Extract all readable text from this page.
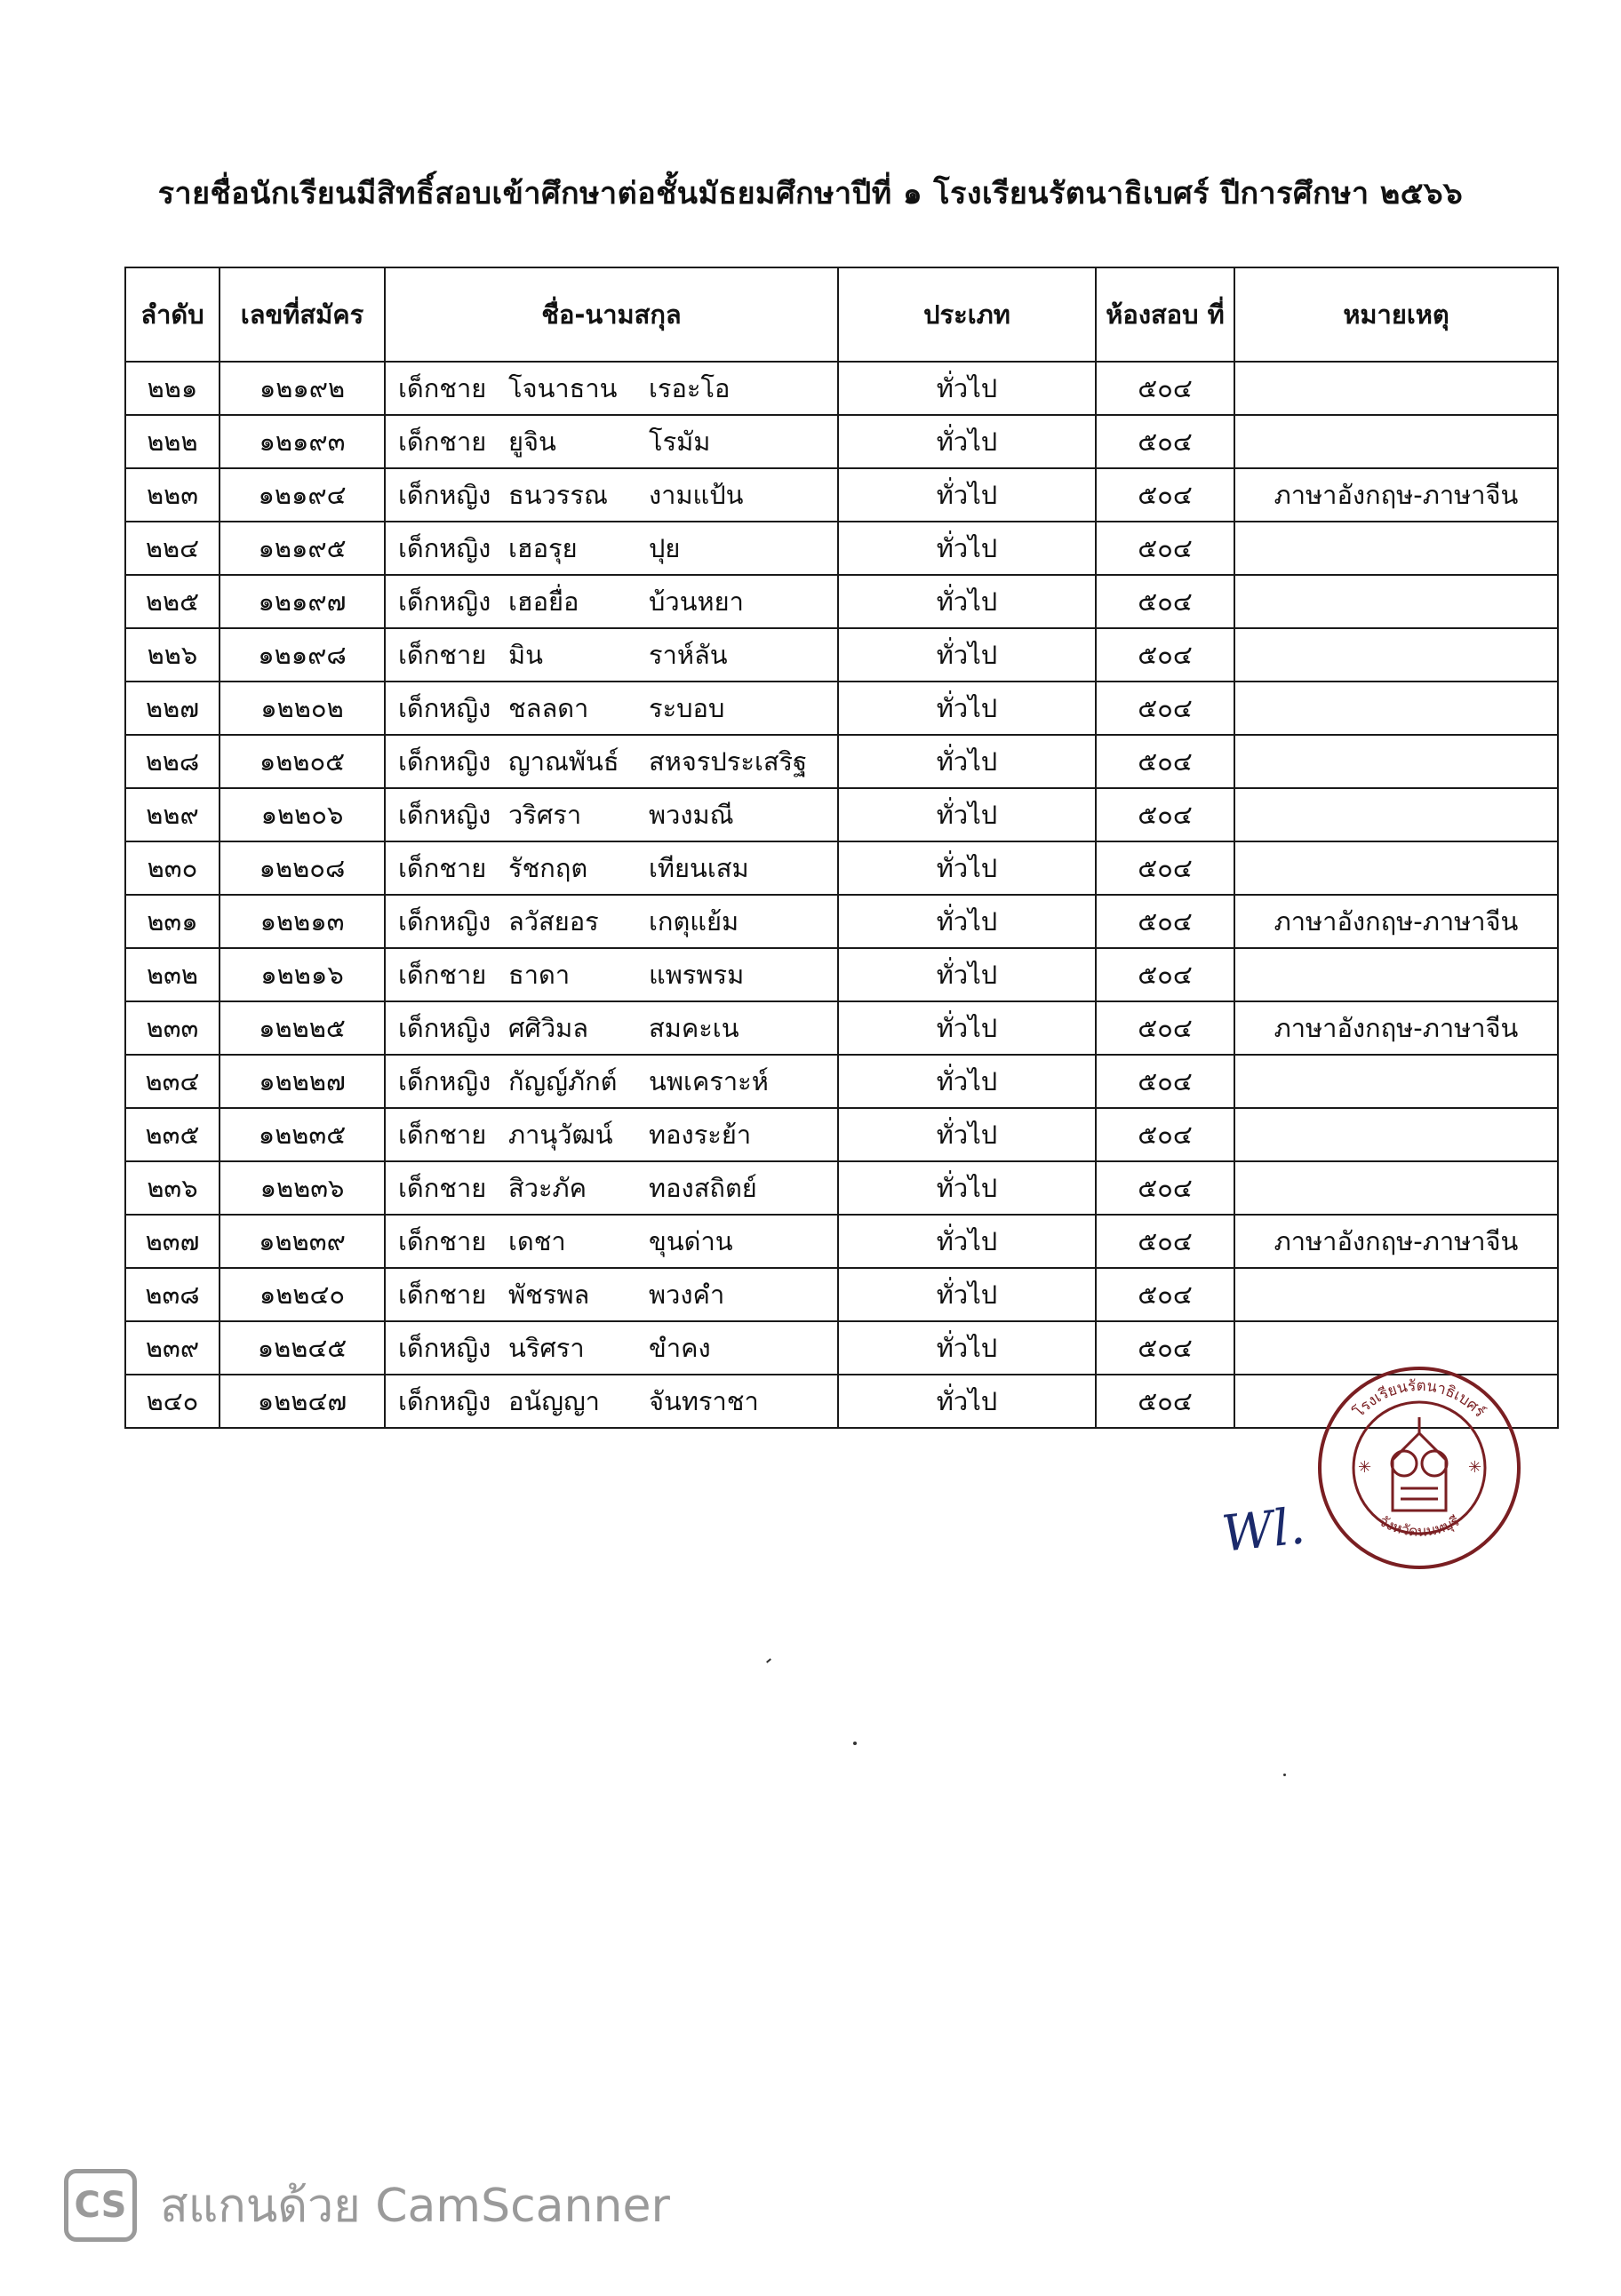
รายชื่อนักเรียนมีสิทธิ์สอบเข้าศึกษาต่อชั้นมัธยมศึกษาปีที่ ๑ โรงเรียนรัตนาธิเบศร์ ปีการศึกษา ๒๕๖๖
ลำดับ	เลขที่สมัคร	ชื่อ-นามสกุล	ประเภท	ห้องสอบ ที่	หมายเหตุ
๒๒๑	๑๒๑๙๒	เด็กชาย โจนาธาน เรอะโอ	ทั่วไป	๕๐๔	
๒๒๒	๑๒๑๙๓	เด็กชาย ยูจิน โรมัม	ทั่วไป	๕๐๔	
๒๒๓	๑๒๑๙๔	เด็กหญิง ธนวรรณ งามแป้น	ทั่วไป	๕๐๔	ภาษาอังกฤษ-ภาษาจีน
๒๒๔	๑๒๑๙๕	เด็กหญิง เฮอรุย ปุย	ทั่วไป	๕๐๔	
๒๒๕	๑๒๑๙๗	เด็กหญิง เฮอยื่อ บ้วนหยา	ทั่วไป	๕๐๔	
๒๒๖	๑๒๑๙๘	เด็กชาย มิน ราห์ลัน	ทั่วไป	๕๐๔	
๒๒๗	๑๒๒๐๒	เด็กหญิง ชลลดา ระบอบ	ทั่วไป	๕๐๔	
๒๒๘	๑๒๒๐๕	เด็กหญิง ญาณพันธ์ สหจรประเสริฐ	ทั่วไป	๕๐๔	
๒๒๙	๑๒๒๐๖	เด็กหญิง วริศรา พวงมณี	ทั่วไป	๕๐๔	
๒๓๐	๑๒๒๐๘	เด็กชาย รัชกฤต เทียนเสม	ทั่วไป	๕๐๔	
๒๓๑	๑๒๒๑๓	เด็กหญิง ลวัสยอร เกตุแย้ม	ทั่วไป	๕๐๔	ภาษาอังกฤษ-ภาษาจีน
๒๓๒	๑๒๒๑๖	เด็กชาย ธาดา แพรพรม	ทั่วไป	๕๐๔	
๒๓๓	๑๒๒๒๕	เด็กหญิง ศศิวิมล สมคะเน	ทั่วไป	๕๐๔	ภาษาอังกฤษ-ภาษาจีน
๒๓๔	๑๒๒๒๗	เด็กหญิง กัญญ์ภักต์ นพเคราะห์	ทั่วไป	๕๐๔	
๒๓๕	๑๒๒๓๕	เด็กชาย ภานุวัฒน์ ทองระย้า	ทั่วไป	๕๐๔	
๒๓๖	๑๒๒๓๖	เด็กชาย สิวะภัค ทองสถิตย์	ทั่วไป	๕๐๔	
๒๓๗	๑๒๒๓๙	เด็กชาย เดชา ขุนด่าน	ทั่วไป	๕๐๔	ภาษาอังกฤษ-ภาษาจีน
๒๓๘	๑๒๒๔๐	เด็กชาย พัชรพล พวงคำ	ทั่วไป	๕๐๔	
๒๓๙	๑๒๒๔๕	เด็กหญิง นริศรา ขำคง	ทั่วไป	๕๐๔	
๒๔๐	๑๒๒๔๗	เด็กหญิง อนัญญา จันทราชา	ทั่วไป	๕๐๔		โรงเรียนรัตนาธิเบศร์
จังหวัดนนทบุรี
✳	✳
Wl.
CS สแกนด้วย CamScanner
